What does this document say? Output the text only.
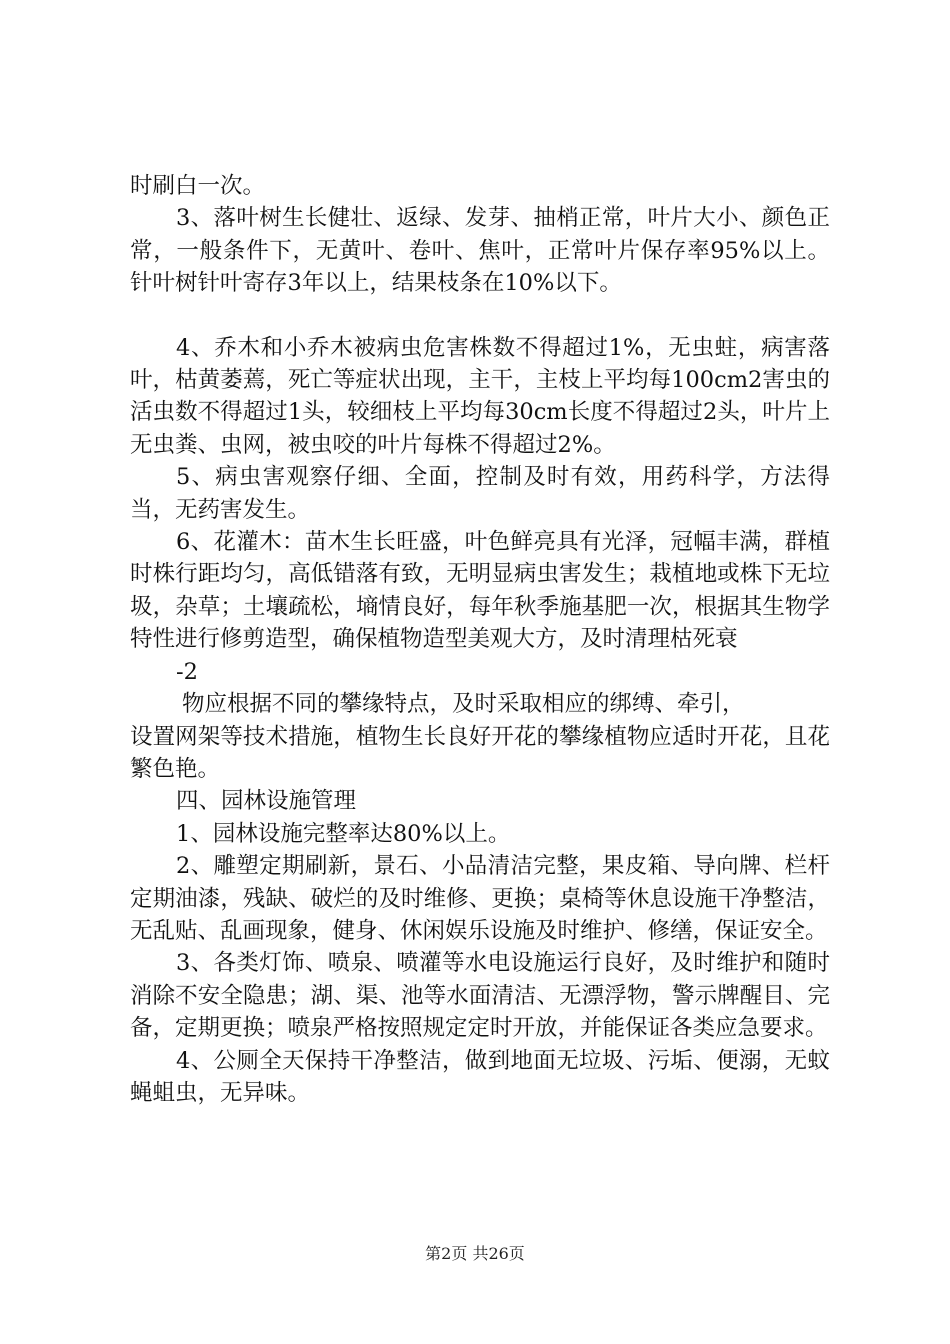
时刷白一次。

3、落叶树生长健壮、返绿、发芽、抽梢正常，叶片大小、颜色正常，一般条件下，无黄叶、卷叶、焦叶，正常叶片保存率95%以上。针叶树针叶寄存3年以上，结果枝条在10%以下。

4、乔木和小乔木被病虫危害株数不得超过1%，无虫蛀，病害落叶，枯黄萎蔫，死亡等症状出现，主干，主枝上平均每100cm2害虫的活虫数不得超过1头，较细枝上平均每30cm长度不得超过2头，叶片上无虫粪、虫网，被虫咬的叶片每株不得超过2%。

5、病虫害观察仔细、全面，控制及时有效，用药科学，方法得当，无药害发生。

6、花灌木：苗木生长旺盛，叶色鲜亮具有光泽，冠幅丰满，群植时株行距均匀，高低错落有致，无明显病虫害发生；栽植地或株下无垃圾，杂草；土壤疏松，墒情良好，每年秋季施基肥一次，根据其生物学特性进行修剪造型，确保植物造型美观大方，及时清理枯死衰

-2

物应根据不同的攀缘特点，及时采取相应的绑缚、牵引，

设置网架等技术措施，植物生长良好开花的攀缘植物应适时开花，且花繁色艳。

四、园林设施管理

1、园林设施完整率达80%以上。

2、雕塑定期刷新，景石、小品清洁完整，果皮箱、导向牌、栏杆定期油漆，残缺、破烂的及时维修、更换；桌椅等休息设施干净整洁，无乱贴、乱画现象，健身、休闲娱乐设施及时维护、修缮，保证安全。

3、各类灯饰、喷泉、喷灌等水电设施运行良好，及时维护和随时消除不安全隐患；湖、渠、池等水面清洁、无漂浮物，警示牌醒目、完备，定期更换；喷泉严格按照规定定时开放，并能保证各类应急要求。

4、公厕全天保持干净整洁，做到地面无垃圾、污垢、便溺，无蚊蝇蛆虫，无异味。

第2页 共26页
